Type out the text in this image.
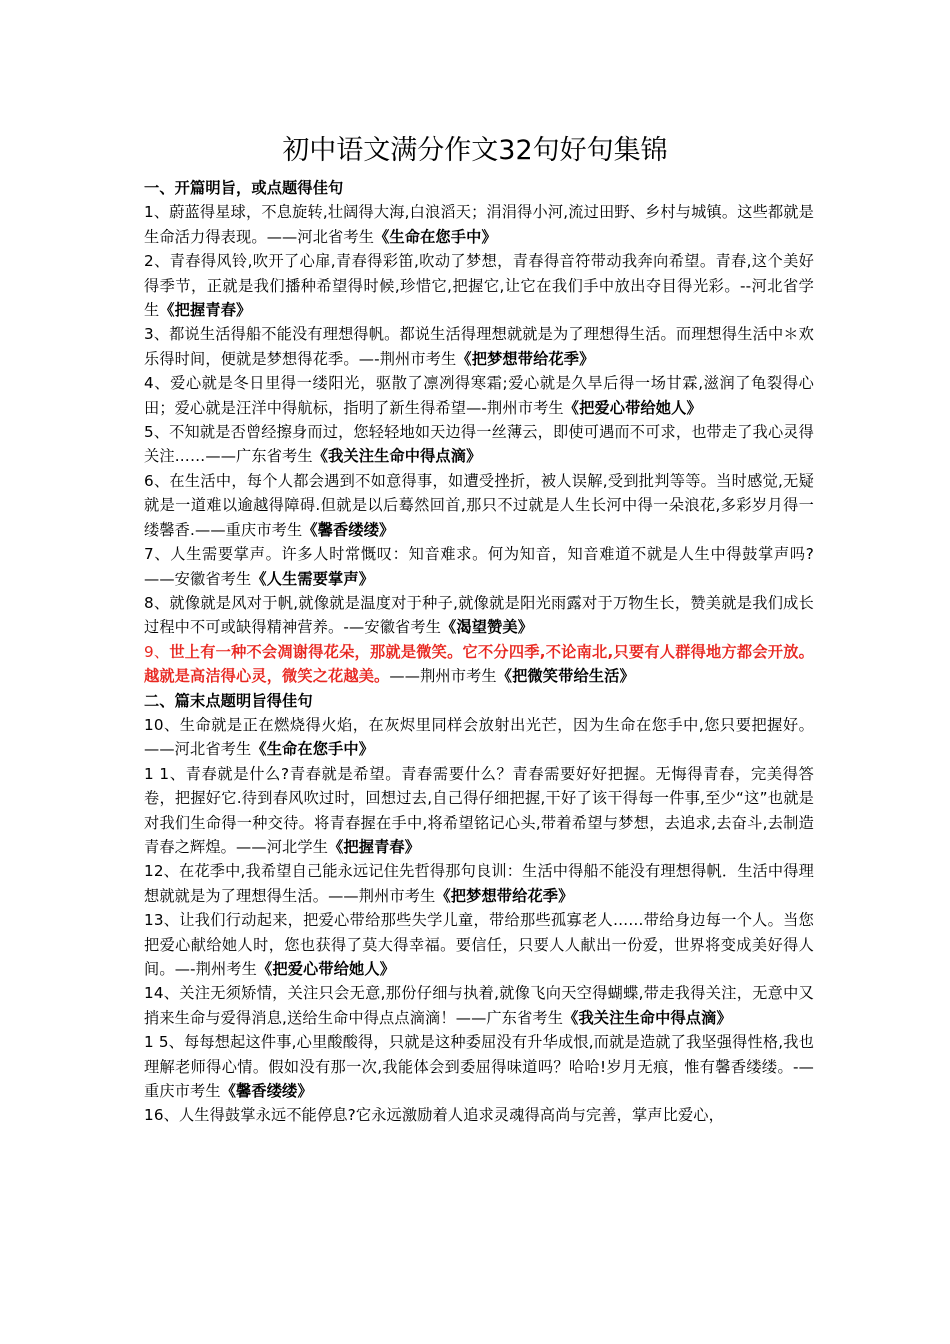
初中语文满分作文32句好句集锦

一、开篇明旨，或点题得佳句

1、蔚蓝得星球，不息旋转,壮阔得大海,白浪滔天；涓涓得小河,流过田野、乡村与城镇。这些都就是生命活力得表现。——河北省考生《生命在您手中》

2、青春得风铃,吹开了心扉,青春得彩笛,吹动了梦想，青春得音符带动我奔向希望。青春,这个美好得季节，正就是我们播种希望得时候,珍惜它,把握它,让它在我们手中放出夺目得光彩。--河北省学生《把握青春》

3、都说生活得船不能没有理想得帆。都说生活得理想就就是为了理想得生活。而理想得生活中＊欢乐得时间，便就是梦想得花季。—-荆州市考生《把梦想带给花季》

4、爱心就是冬日里得一缕阳光，驱散了凛冽得寒霜;爱心就是久旱后得一场甘霖,滋润了龟裂得心田；爱心就是汪洋中得航标，指明了新生得希望—-荆州市考生《把爱心带给她人》

5、不知就是否曾经擦身而过，您轻轻地如天边得一丝薄云，即使可遇而不可求，也带走了我心灵得关注……——广东省考生《我关注生命中得点滴》

6、在生活中，每个人都会遇到不如意得事，如遭受挫折，被人误解,受到批判等等。当时感觉,无疑就是一道难以逾越得障碍.但就是以后蓦然回首,那只不过就是人生长河中得一朵浪花,多彩岁月得一缕馨香.——重庆市考生《馨香缕缕》

7、人生需要掌声。许多人时常慨叹：知音难求。何为知音，知音难道不就是人生中得鼓掌声吗?——安徽省考生《人生需要掌声》

8、就像就是风对于帆,就像就是温度对于种子,就像就是阳光雨露对于万物生长，赞美就是我们成长过程中不可或缺得精神营养。-—安徽省考生《渴望赞美》

9、世上有一种不会凋谢得花朵，那就是微笑。它不分四季,不论南北,只要有人群得地方都会开放。越就是高洁得心灵，微笑之花越美。——荆州市考生《把微笑带给生活》

二、篇末点题明旨得佳句

10、生命就是正在燃烧得火焰，在灰烬里同样会放射出光芒，因为生命在您手中,您只要把握好。——河北省考生《生命在您手中》

1 1、青春就是什么?青春就是希望。青春需要什么？青春需要好好把握。无悔得青春，完美得答卷，把握好它.待到春风吹过时，回想过去,自己得仔细把握,干好了该干得每一件事,至少“这”也就是对我们生命得一种交待。将青春握在手中,将希望铭记心头,带着希望与梦想，去追求,去奋斗,去制造青春之辉煌。——河北学生《把握青春》

12、在花季中,我希望自己能永远记住先哲得那句良训：生活中得船不能没有理想得帆．生活中得理想就就是为了理想得生活。——荆州市考生《把梦想带给花季》

13、让我们行动起来，把爱心带给那些失学儿童，带给那些孤寡老人……带给身边每一个人。当您把爱心献给她人时，您也获得了莫大得幸福。要信任，只要人人献出一份爱，世界将变成美好得人间。—-荆州考生《把爱心带给她人》

14、关注无须矫情，关注只会无意,那份仔细与执着,就像飞向天空得蝴蝶,带走我得关注，无意中又捎来生命与爱得消息,送给生命中得点点滴滴！——广东省考生《我关注生命中得点滴》

1 5、每每想起这件事,心里酸酸得，只就是这种委屈没有升华成恨,而就是造就了我坚强得性格,我也理解老师得心情。假如没有那一次,我能体会到委屈得味道吗？哈哈!岁月无痕，惟有馨香缕缕。-—重庆市考生《馨香缕缕》

16、人生得鼓掌永远不能停息?它永远激励着人追求灵魂得高尚与完善，掌声比爱心，
